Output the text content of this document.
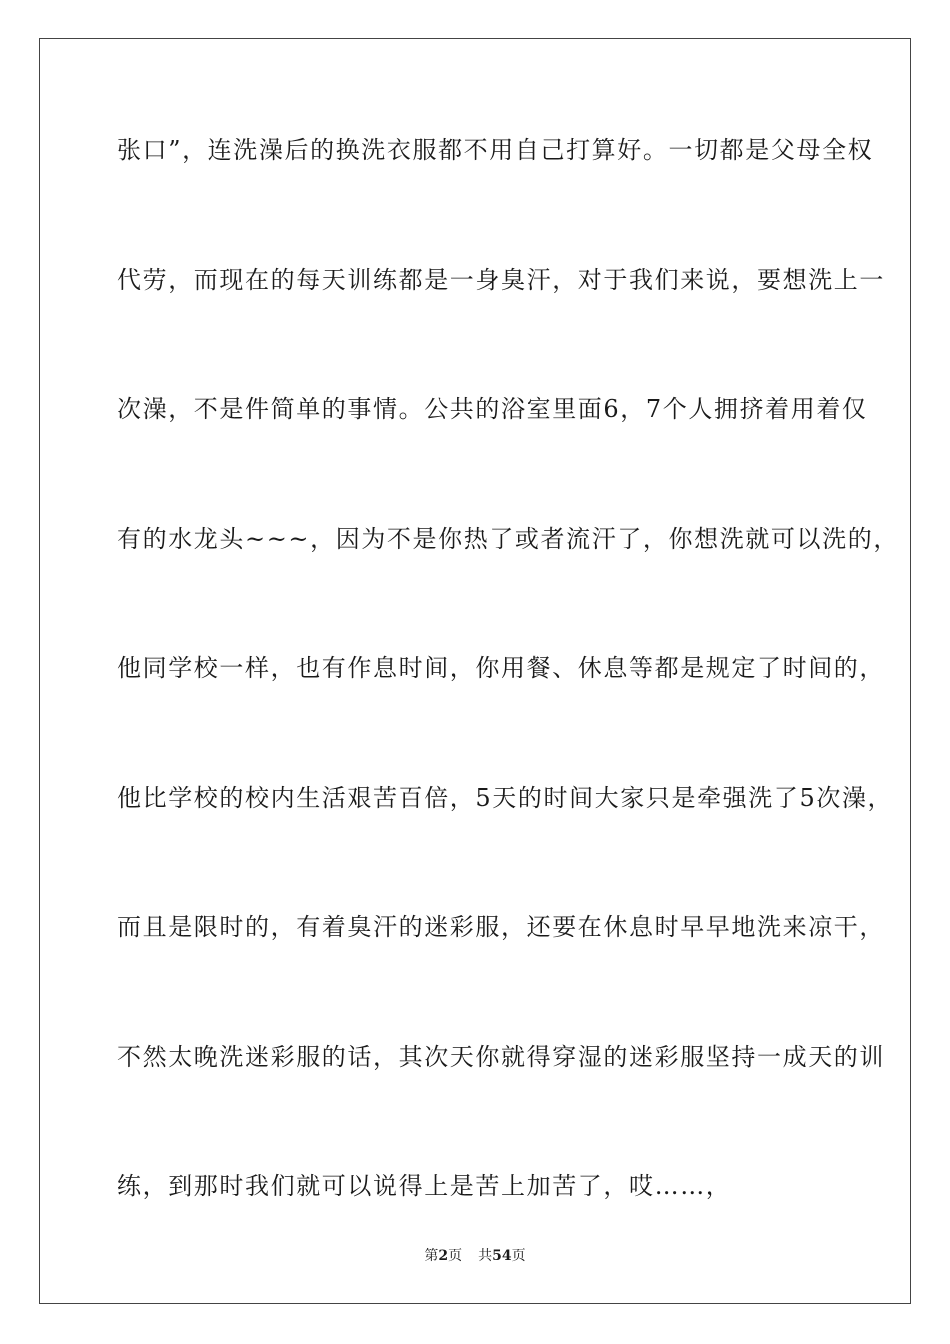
张口”，连洗澡后的换洗衣服都不用自己打算好。一切都是父母全权
代劳，而现在的每天训练都是一身臭汗，对于我们来说，要想洗上一
次澡，不是件简单的事情。公共的浴室里面6，7个人拥挤着用着仅
有的水龙头~~~，因为不是你热了或者流汗了，你想洗就可以洗的，
他同学校一样，也有作息时间，你用餐、休息等都是规定了时间的，
他比学校的校内生活艰苦百倍，5天的时间大家只是牵强洗了5次澡，
而且是限时的，有着臭汗的迷彩服，还要在休息时早早地洗来凉干，
不然太晚洗迷彩服的话，其次天你就得穿湿的迷彩服坚持一成天的训
练，到那时我们就可以说得上是苦上加苦了，哎……，
第2页 共54页
